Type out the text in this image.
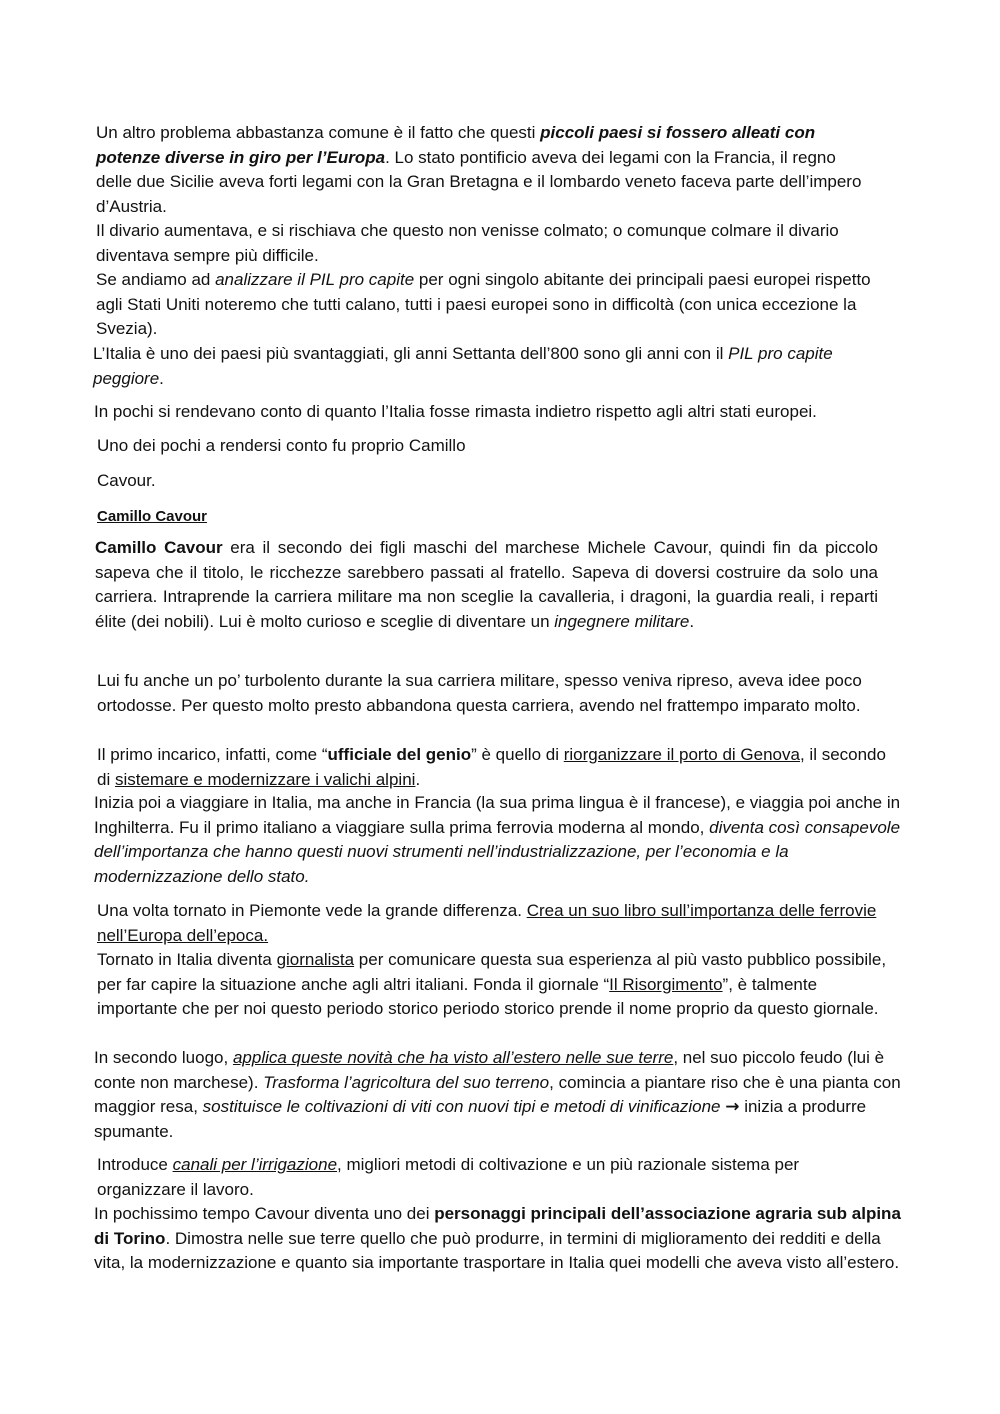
Un altro problema abbastanza comune è il fatto che questi piccoli paesi si fossero alleati con potenze diverse in giro per l’Europa. Lo stato pontificio aveva dei legami con la Francia, il regno delle due Sicilie aveva forti legami con la Gran Bretagna e il lombardo veneto faceva parte dell’impero d’Austria.

Il divario aumentava, e si rischiava che questo non venisse colmato; o comunque colmare il divario diventava sempre più difficile.

Se andiamo ad analizzare il PIL pro capite per ogni singolo abitante dei principali paesi europei rispetto agli Stati Uniti noteremo che tutti calano, tutti i paesi europei sono in difficoltà (con unica eccezione la Svezia).

L’Italia è uno dei paesi più svantaggiati, gli anni Settanta dell’800 sono gli anni con il PIL pro capite peggiore.

In pochi si rendevano conto di quanto l’Italia fosse rimasta indietro rispetto agli altri stati europei.

Uno dei pochi a rendersi conto fu proprio Camillo

Cavour.

Camillo Cavour

Camillo Cavour era il secondo dei figli maschi del marchese Michele Cavour, quindi fin da piccolo sapeva che il titolo, le ricchezze sarebbero passati al fratello. Sapeva di doversi costruire da solo una carriera. Intraprende la carriera militare ma non sceglie la cavalleria, i dragoni, la guardia reali, i reparti élite (dei nobili). Lui è molto curioso e sceglie di diventare un ingegnere militare.

Lui fu anche un po’ turbolento durante la sua carriera militare, spesso veniva ripreso, aveva idee poco ortodosse. Per questo molto presto abbandona questa carriera, avendo nel frattempo imparato molto.

Il primo incarico, infatti, come “ufficiale del genio” è quello di riorganizzare il porto di Genova, il secondo di sistemare e modernizzare i valichi alpini.

Inizia poi a viaggiare in Italia, ma anche in Francia (la sua prima lingua è il francese), e viaggia poi anche in Inghilterra. Fu il primo italiano a viaggiare sulla prima ferrovia moderna al mondo, diventa così consapevole dell’importanza che hanno questi nuovi strumenti nell’industrializzazione, per l’economia e la modernizzazione dello stato.

Una volta tornato in Piemonte vede la grande differenza. Crea un suo libro sull’importanza delle ferrovie nell’Europa dell’epoca.

Tornato in Italia diventa giornalista per comunicare questa sua esperienza al più vasto pubblico possibile, per far capire la situazione anche agli altri italiani. Fonda il giornale “Il Risorgimento”, è talmente importante che per noi questo periodo storico periodo storico prende il nome proprio da questo giornale.

In secondo luogo, applica queste novità che ha visto all’estero nelle sue terre, nel suo piccolo feudo (lui è conte non marchese). Trasforma l’agricoltura del suo terreno, comincia a piantare riso che è una pianta con maggior resa, sostituisce le coltivazioni di viti con nuovi tipi e metodi di vinificazione → inizia a produrre spumante.

Introduce canali per l’irrigazione, migliori metodi di coltivazione e un più razionale sistema per organizzare il lavoro.

In pochissimo tempo Cavour diventa uno dei personaggi principali dell’associazione agraria sub alpina di Torino. Dimostra nelle sue terre quello che può produrre, in termini di miglioramento dei redditi e della vita, la modernizzazione e quanto sia importante trasportare in Italia quei modelli che aveva visto all’estero.
